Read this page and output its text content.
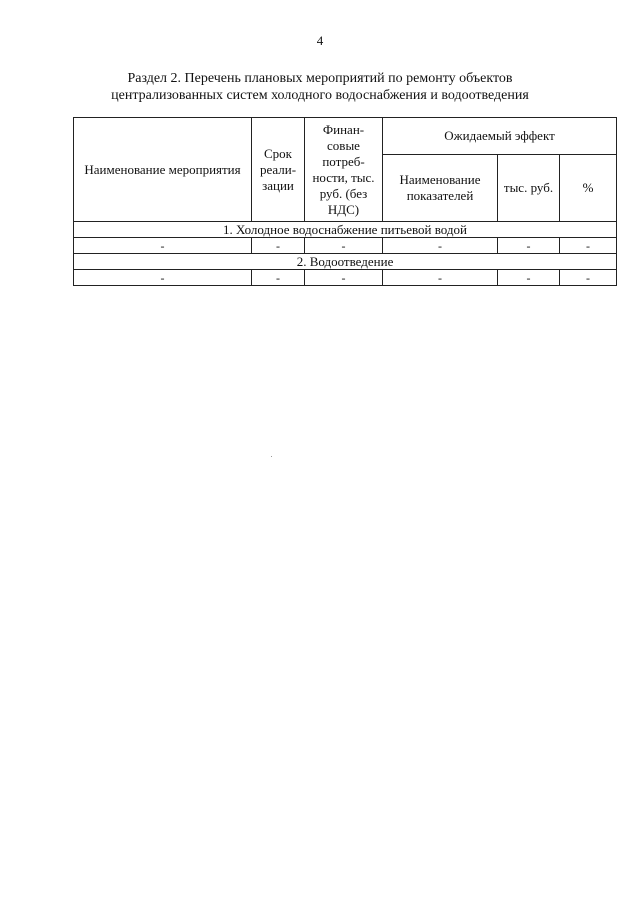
4
Раздел 2. Перечень плановых мероприятий по ремонту объектов
централизованных систем холодного водоснабжения и водоотведения
Наименование мероприятия	Срок реали-зации	Финан-совые потреб-ности, тыс. руб. (без НДС)	Ожидаемый эффект		
			Наименование показателей	тыс. руб.	%
1. Холодное водоснабжение питьевой водой					
-	-	-	-	-	-
2. Водоотведение					
-	-	-	-	-	-
